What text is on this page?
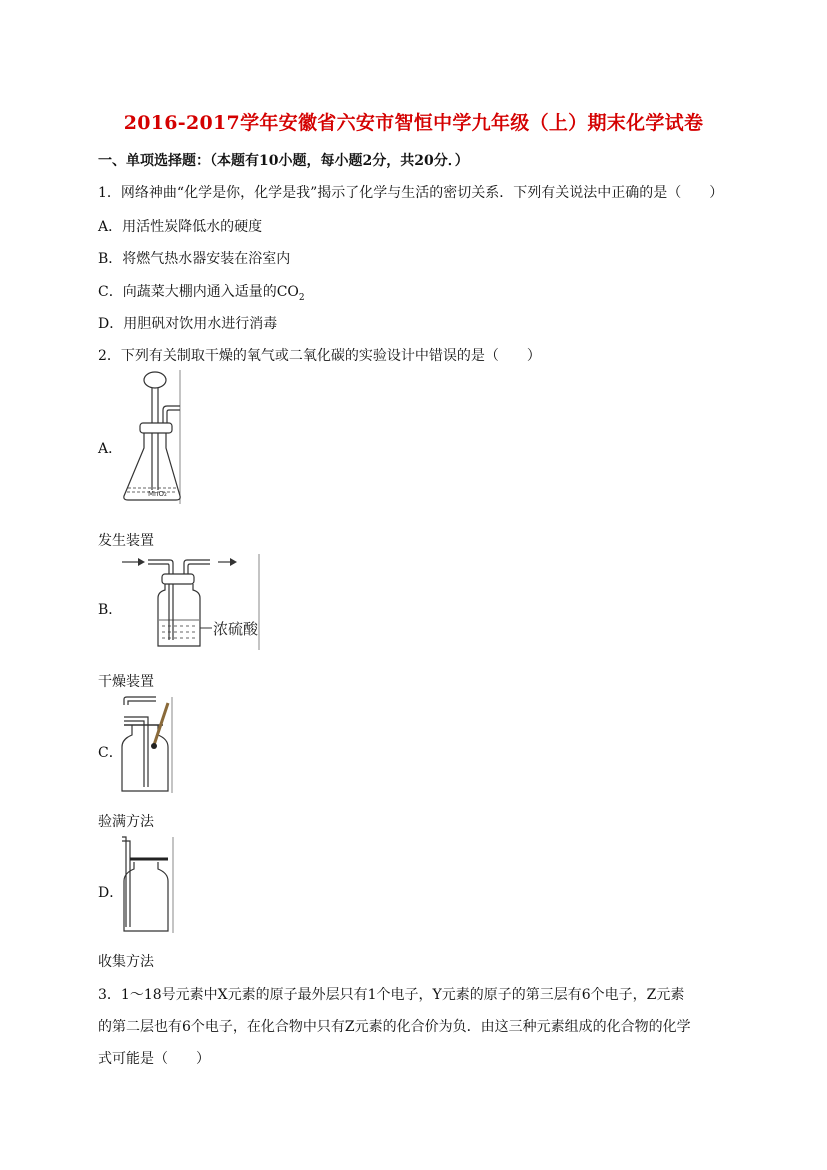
2016-2017学年安徽省六安市智恒中学九年级（上）期末化学试卷
一、单项选择题：（本题有10小题，每小题2分，共20分．）
1．网络神曲“化学是你，化学是我”揭示了化学与生活的密切关系．下列有关说法中正确的是（　　）
A．用活性炭降低水的硬度
B．将燃气热水器安装在浴室内
C．向蔬菜大棚内通入适量的$CO_2$
D．用胆矾对饮用水进行消毒
2．下列有关制取干燥的氧气或二氧化碳的实验设计中错误的是（　　）
A．
MnO₂
发生装置
B．
浓硫酸
干燥装置
C．
验满方法
D．
收集方法
3．1～18号元素中X元素的原子最外层只有1个电子，Y元素的原子的第三层有6个电子，Z元素
的第二层也有6个电子，在化合物中只有Z元素的化合价为负．由这三种元素组成的化合物的化学
式可能是（　　）
